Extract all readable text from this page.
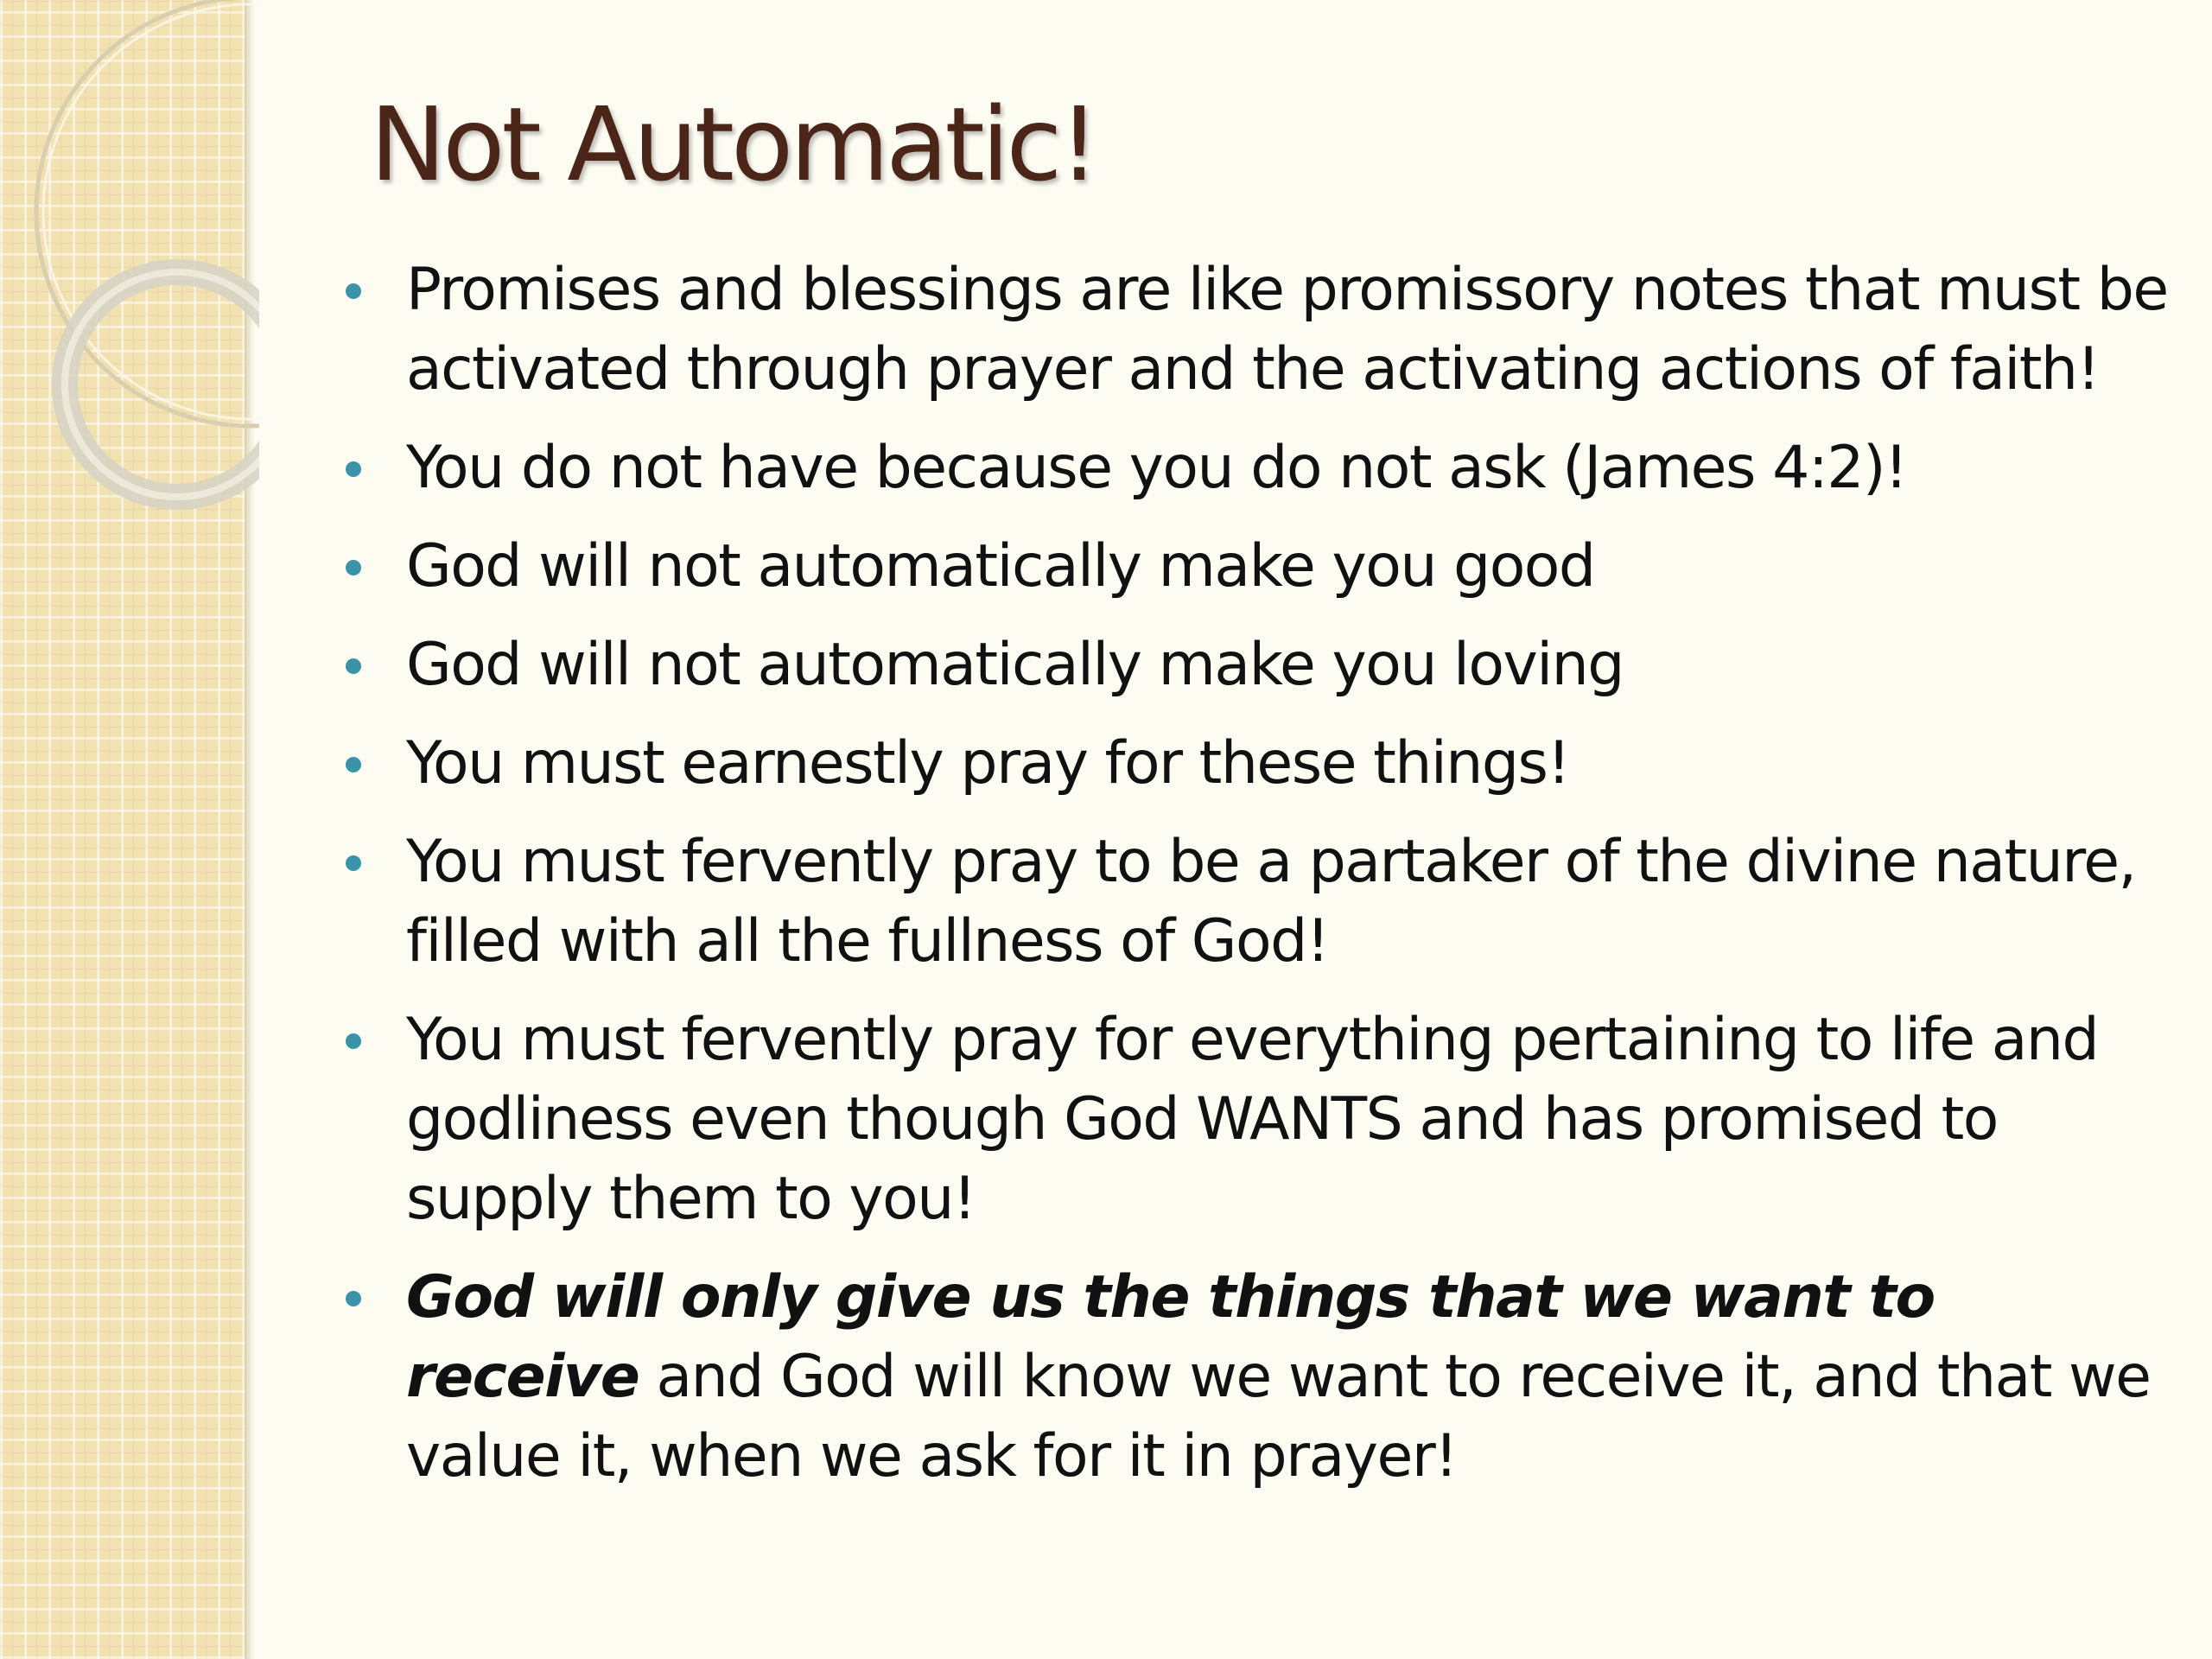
Not Automatic!
Promises and blessings are like promissory notes that must be activated through prayer and the activating actions of faith!
You do not have because you do not ask (James 4:2)!
God will not automatically make you good
God will not automatically make you loving
You must earnestly pray for these things!
You must fervently pray to be a partaker of the divine nature, filled with all the fullness of God!
You must fervently pray for everything pertaining to life and godliness even though God WANTS and has promised to supply them to you!
God will only give us the things that we want to receive and God will know we want to receive it, and that we value it, when we ask for it in prayer!
